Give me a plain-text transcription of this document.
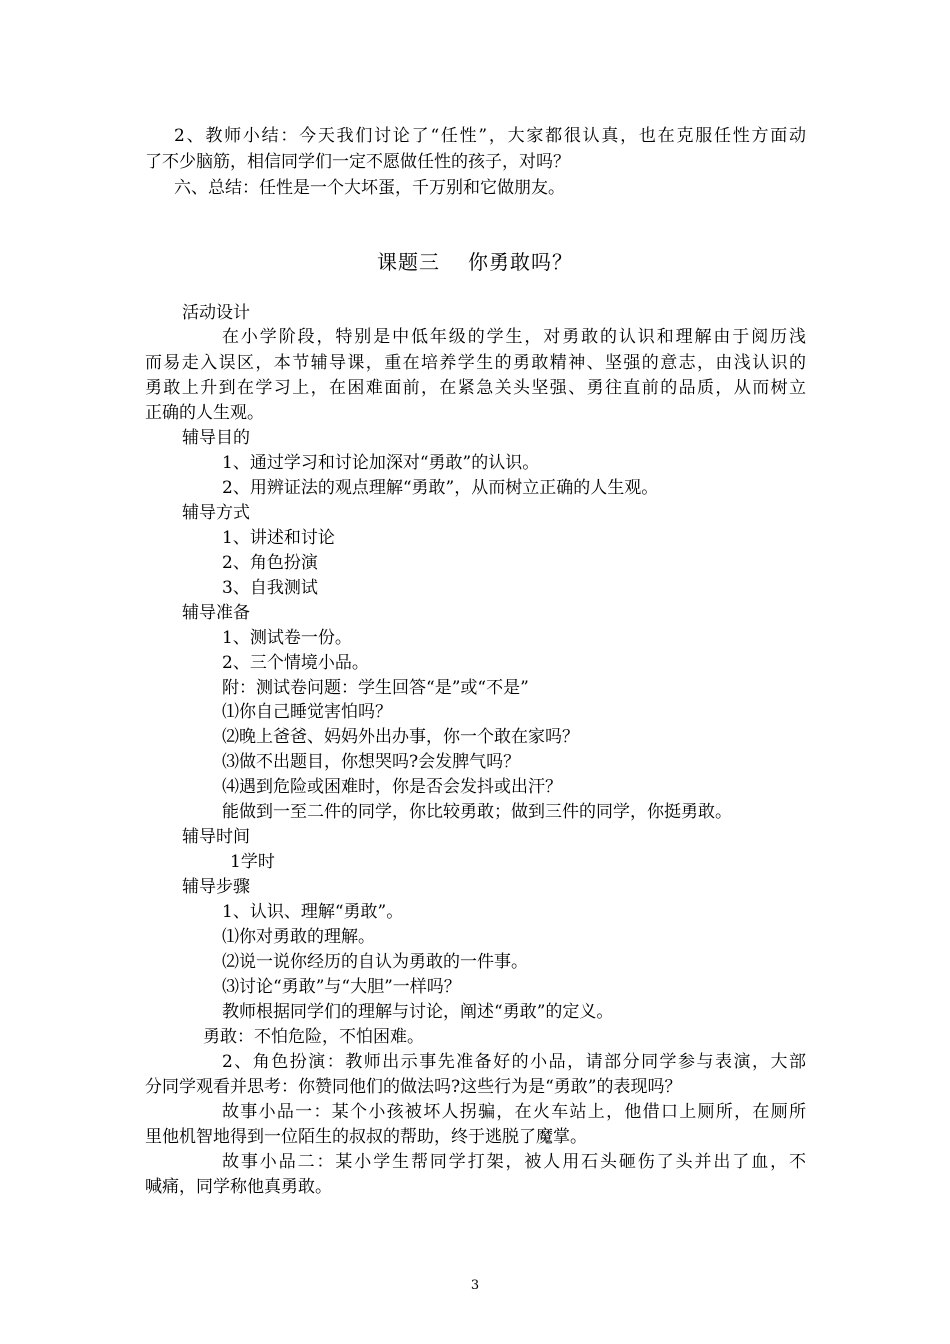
2、教师小结：今天我们讨论了“任性”，大家都很认真，也在克服任性方面动
了不少脑筋，相信同学们一定不愿做任性的孩子，对吗？
六、总结：任性是一个大坏蛋，千万别和它做朋友。
课题三 你勇敢吗？
活动设计
在小学阶段，特别是中低年级的学生，对勇敢的认识和理解由于阅历浅
而易走入误区，本节辅导课，重在培养学生的勇敢精神、坚强的意志，由浅认识的
勇敢上升到在学习上，在困难面前，在紧急关头坚强、勇往直前的品质，从而树立
正确的人生观。
辅导目的
1、通过学习和讨论加深对“勇敢”的认识。
2、用辨证法的观点理解“勇敢”，从而树立正确的人生观。
辅导方式
1、讲述和讨论
2、角色扮演
3、自我测试
辅导准备
1、测试卷一份。
2、三个情境小品。
附：测试卷问题：学生回答“是”或“不是”
⑴你自己睡觉害怕吗？
⑵晚上爸爸、妈妈外出办事，你一个敢在家吗？
⑶做不出题目，你想哭吗?会发脾气吗？
⑷遇到危险或困难时，你是否会发抖或出汗？
能做到一至二件的同学，你比较勇敢；做到三件的同学，你挺勇敢。
辅导时间
1学时
辅导步骤
1、认识、理解“勇敢”。
⑴你对勇敢的理解。
⑵说一说你经历的自认为勇敢的一件事。
⑶讨论“勇敢”与“大胆”一样吗？
教师根据同学们的理解与讨论，阐述“勇敢”的定义。
勇敢：不怕危险，不怕困难。
2、角色扮演：教师出示事先准备好的小品，请部分同学参与表演，大部
分同学观看并思考：你赞同他们的做法吗?这些行为是“勇敢”的表现吗？
故事小品一：某个小孩被坏人拐骗，在火车站上，他借口上厕所，在厕所
里他机智地得到一位陌生的叔叔的帮助，终于逃脱了魔掌。
故事小品二：某小学生帮同学打架，被人用石头砸伤了头并出了血，不
喊痛，同学称他真勇敢。
3
